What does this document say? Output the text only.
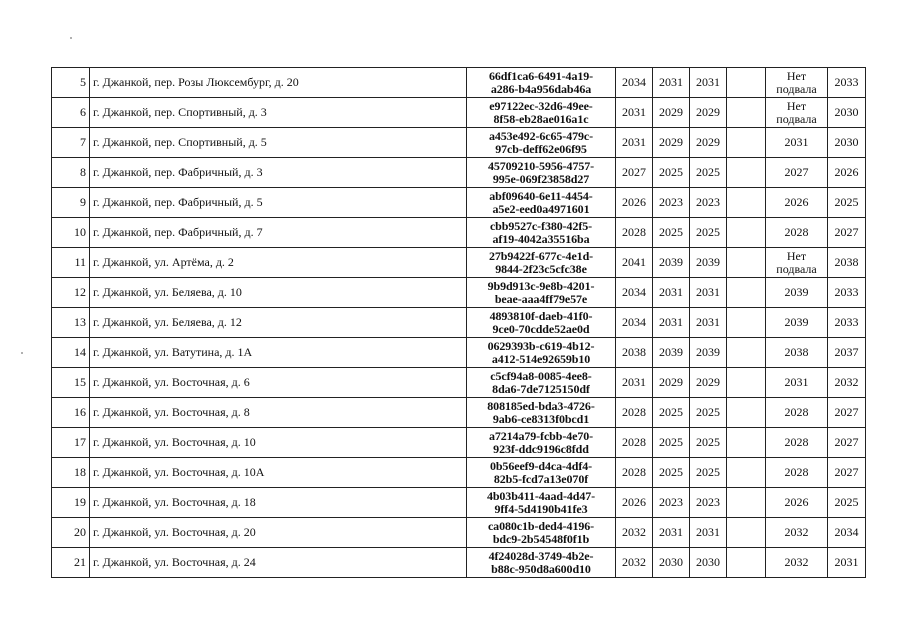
5	г. Джанкой, пер. Розы Люксембург, д. 20	66df1ca6-6491-4a19-
a286-b4a956dab46a	2034	2031	2031		Нет подвала	2033
6	г. Джанкой, пер. Спортивный, д. 3	e97122ec-32d6-49ee-
8f58-eb28ae016a1c	2031	2029	2029		Нет подвала	2030
7	г. Джанкой, пер. Спортивный, д. 5	a453e492-6c65-479c-
97cb-deff62e06f95	2031	2029	2029		2031	2030
8	г. Джанкой, пер. Фабричный, д. 3	45709210-5956-4757-
995e-069f23858d27	2027	2025	2025		2027	2026
9	г. Джанкой, пер. Фабричный, д. 5	abf09640-6e11-4454-
a5e2-eed0a4971601	2026	2023	2023		2026	2025
10	г. Джанкой, пер. Фабричный, д. 7	cbb9527c-f380-42f5-
af19-4042a35516ba	2028	2025	2025		2028	2027
11	г. Джанкой, ул. Артёма, д. 2	27b9422f-677c-4e1d-
9844-2f23c5cfc38e	2041	2039	2039		Нет подвала	2038
12	г. Джанкой, ул. Беляева, д. 10	9b9d913c-9e8b-4201-
beae-aaa4ff79e57e	2034	2031	2031		2039	2033
13	г. Джанкой, ул. Беляева, д. 12	4893810f-daeb-41f0-
9ce0-70cdde52ae0d	2034	2031	2031		2039	2033
14	г. Джанкой, ул. Ватутина, д. 1А	0629393b-c619-4b12-
a412-514e92659b10	2038	2039	2039		2038	2037
15	г. Джанкой, ул. Восточная, д. 6	c5cf94a8-0085-4ee8-
8da6-7de7125150df	2031	2029	2029		2031	2032
16	г. Джанкой, ул. Восточная, д. 8	808185ed-bda3-4726-
9ab6-ce8313f0bcd1	2028	2025	2025		2028	2027
17	г. Джанкой, ул. Восточная, д. 10	a7214a79-fcbb-4e70-
923f-ddc9196c8fdd	2028	2025	2025		2028	2027
18	г. Джанкой, ул. Восточная, д. 10А	0b56eef9-d4ca-4df4-
82b5-fcd7a13e070f	2028	2025	2025		2028	2027
19	г. Джанкой, ул. Восточная, д. 18	4b03b411-4aad-4d47-
9ff4-5d4190b41fe3	2026	2023	2023		2026	2025
20	г. Джанкой, ул. Восточная, д. 20	ca080c1b-ded4-4196-
bdc9-2b54548f0f1b	2032	2031	2031		2032	2034
21	г. Джанкой, ул. Восточная, д. 24	4f24028d-3749-4b2e-
b88c-950d8a600d10	2032	2030	2030		2032	2031
